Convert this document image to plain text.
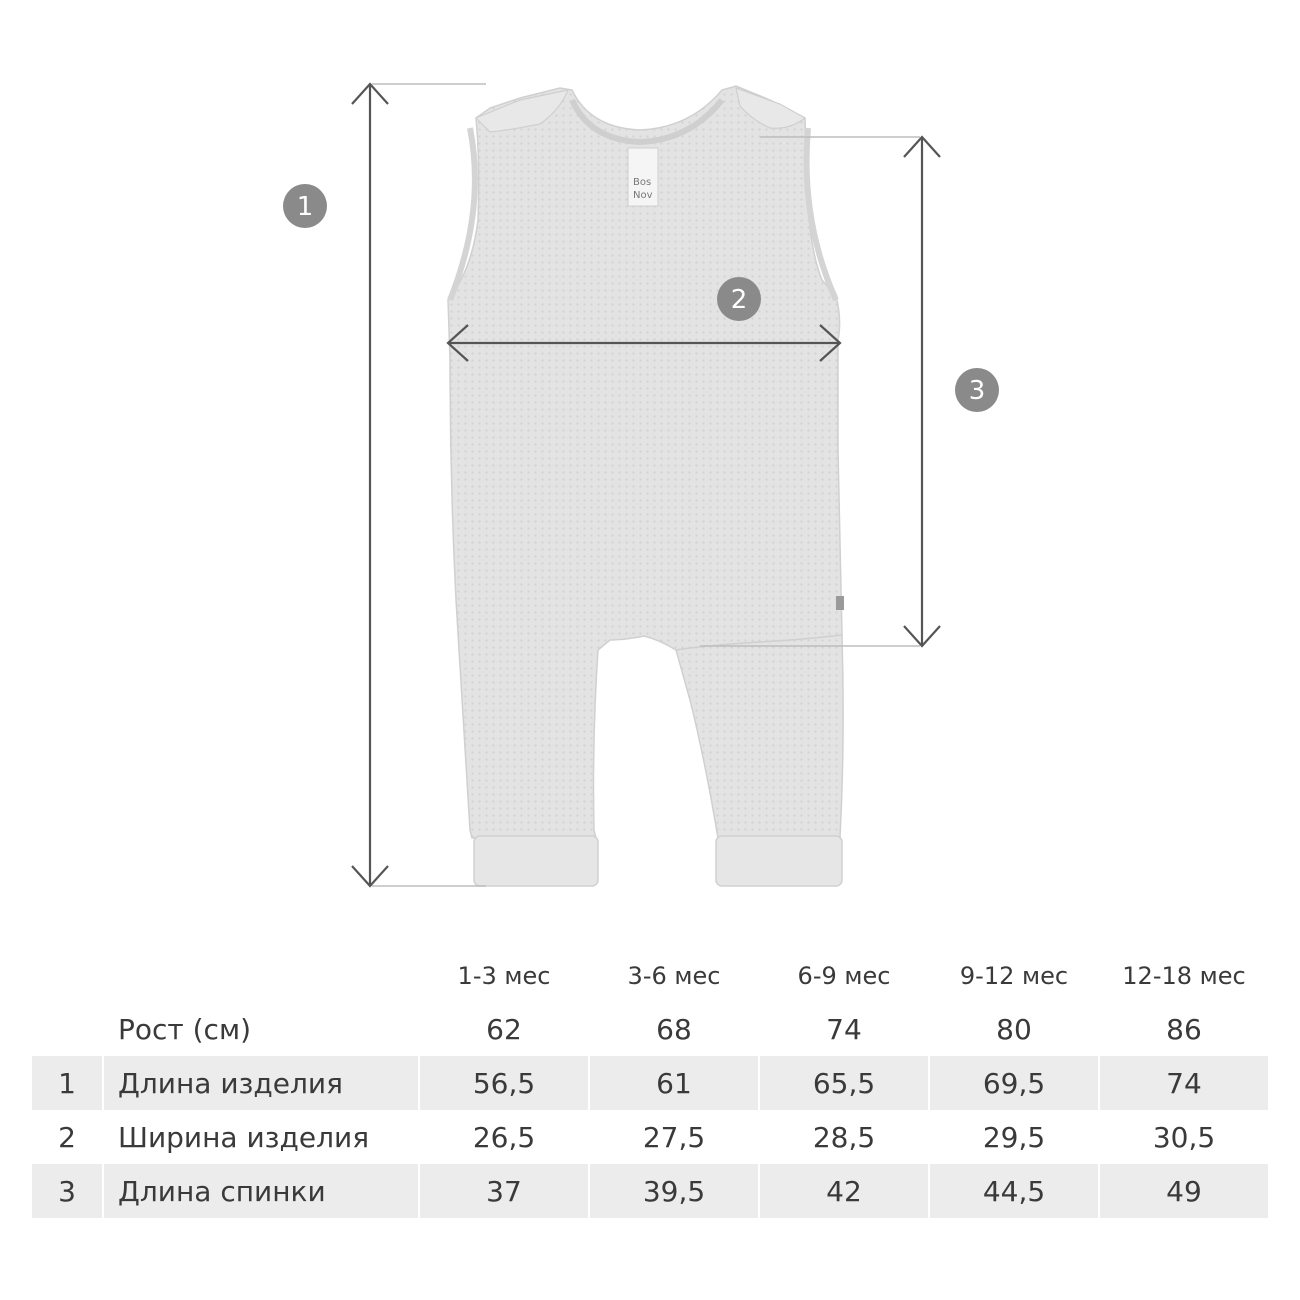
Bos
Nov
1
2
3
		1-3 мес	3-6 мес	6-9 мес	9-12 мес	12-18 мес
	Рост (см)	62	68	74	80	86
1	Длина изделия	56,5	61	65,5	69,5	74
2	Ширина изделия	26,5	27,5	28,5	29,5	30,5
3	Длина спинки	37	39,5	42	44,5	49
